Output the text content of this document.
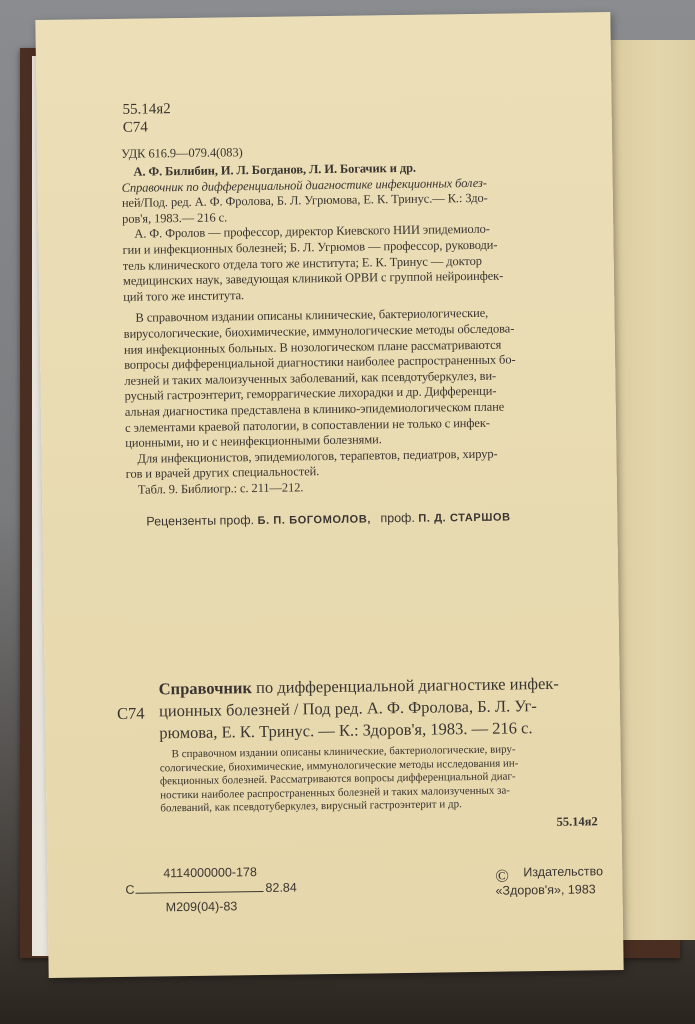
55.14я2
С74
УДК 616.9—079.4(083)

А. Ф. Билибин, И. Л. Богданов, Л. И. Богачик и др.

Справочник по дифференциальной диагностике инфекционных болез-

ней/Под. ред. А. Ф. Фролова, Б. Л. Угрюмова, Е. К. Тринус.— К.: Здо-

ров'я, 1983.— 216 с.

А. Ф. Фролов — профессор, директор Киевского НИИ эпидемиоло-

гии и инфекционных болезней; Б. Л. Угрюмов — профессор, руководи-

тель клинического отдела того же института; Е. К. Тринус — доктор

медицинских наук, заведующая клиникой ОРВИ с группой нейроинфек-

ций того же института.

В справочном издании описаны клинические, бактериологические,

вирусологические, биохимические, иммунологические методы обследова-

ния инфекционных больных. В нозологическом плане рассматриваются

вопросы дифференциальной диагностики наиболее распространенных бо-

лезней и таких малоизученных заболеваний, как псевдотуберкулез, ви-

русный гастроэнтерит, геморрагические лихорадки и др. Дифференци-

альная диагностика представлена в клинико-эпидемиологическом плане

с элементами краевой патологии, в сопоставлении не только с инфек-

ционными, но и с неинфекционными болезнями.

Для инфекционистов, эпидемиологов, терапевтов, педиатров, хирур-

гов и врачей других специальностей.

Табл. 9. Библиогр.: с. 211—212.

Рецензенты проф. Б. П. БОГОМОЛОВ, проф. П. Д. СТАРШОВ
С74
Справочник по дифференциальной диагностике инфек-
ционных болезней / Под ред. А. Ф. Фролова, Б. Л. Уг-
рюмова, Е. К. Тринус. — К.: Здоров'я, 1983. — 216 с.

В справочном издании описаны клинические, бактериологические, виру-

сологические, биохимические, иммунологические методы исследования ин-

фекционных болезней. Рассматриваются вопросы дифференциальной диаг-

ностики наиболее распространенных болезней и таких малоизученных за-

болеваний, как псевдотуберкулез, вирусный гастроэнтерит и др.

55.14я2
4114000000-178
С	82.84
М209(04)-83
© Издательство
«Здоров'я», 1983
